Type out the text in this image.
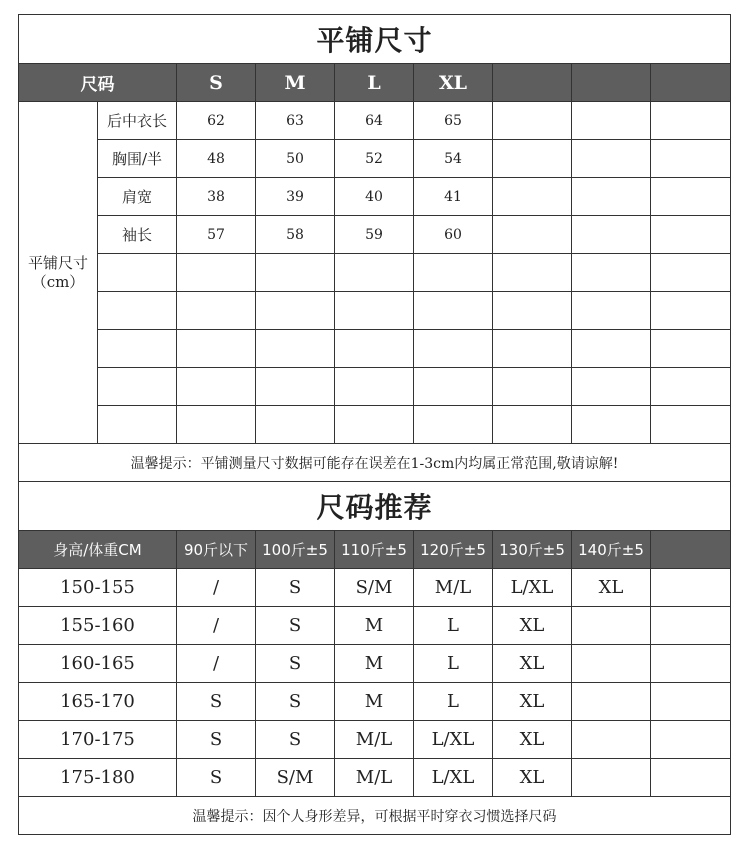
平铺尺寸								
尺码		S	M	L	XL			

平铺尺寸
（cm）	后中衣长	62	63	64	65			
	胸围/半	48	50	52	54			
	肩宽	38	39	40	41			
	袖长	57	58	59	60			

温馨提示：平铺测量尺寸数据可能存在误差在1-3cm内均属正常范围,敬请谅解!								
尺码推荐								
身高/体重CM		90斤以下	100斤±5	110斤±5	120斤±5	130斤±5	140斤±5	
150-155		/	S	S/M	M/L	L/XL	XL	
155-160		/	S	M	L	XL		
160-165		/	S	M	L	XL		
165-170		S	S	M	L	XL		
170-175		S	S	M/L	L/XL	XL		
175-180		S	S/M	M/L	L/XL	XL		
温馨提示：因个人身形差异，可根据平时穿衣习惯选择尺码								
